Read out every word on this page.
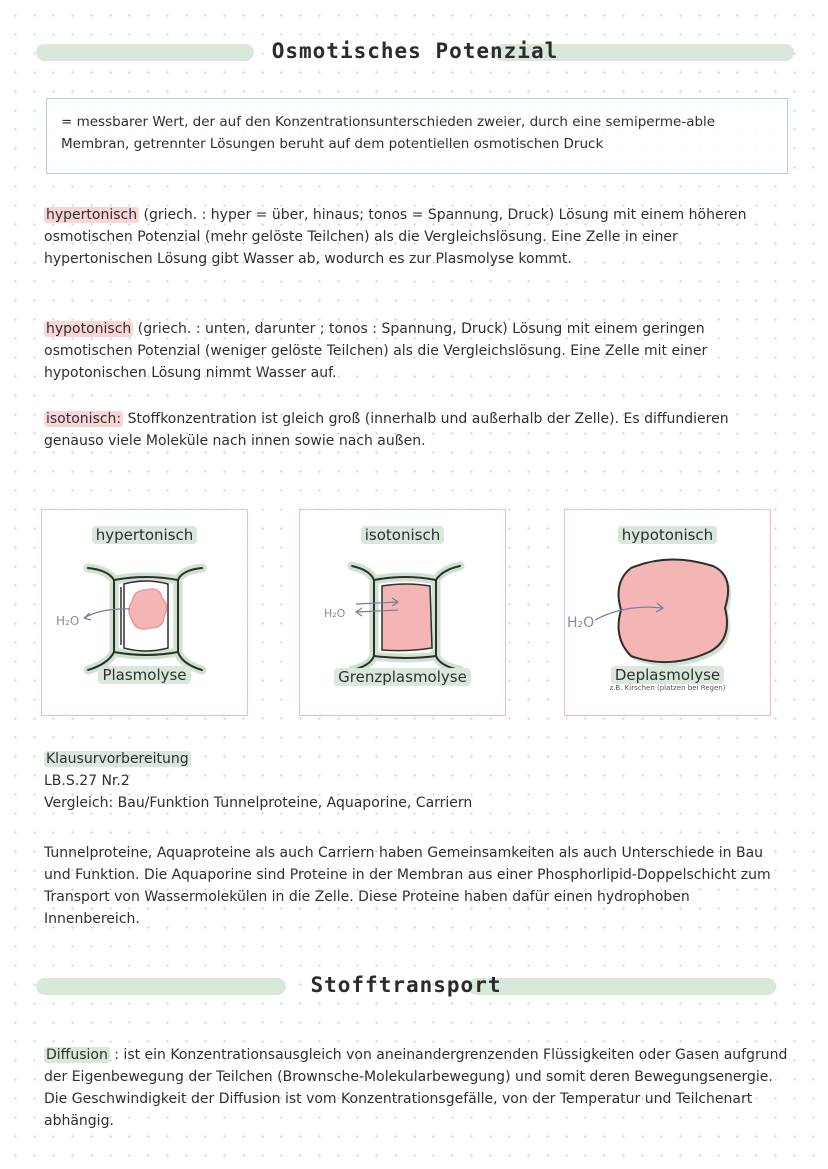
Osmotisches Potenzial
= messbarer Wert, der auf den Konzentrationsunterschieden zweier, durch eine semiperme-able Membran, getrennter Lösungen beruht auf dem potentiellen osmotischen Druck
hypertonisch (griech. : hyper = über, hinaus; tonos = Spannung, Druck) Lösung mit einem höheren osmotischen Potenzial (mehr gelöste Teilchen) als die Vergleichslösung. Eine Zelle in einer hypertonischen Lösung gibt Wasser ab, wodurch es zur Plasmolyse kommt.
hypotonisch (griech. : unten, darunter ; tonos : Spannung, Druck) Lösung mit einem geringen osmotischen Potenzial (weniger gelöste Teilchen) als die Vergleichslösung. Eine Zelle mit einer hypotonischen Lösung nimmt Wasser auf.
isotonisch: Stoffkonzentration ist gleich groß (innerhalb und außerhalb der Zelle). Es diffundieren genauso viele Moleküle nach innen sowie nach außen.
hypertonisch
H₂O
Plasmolyse
isotonisch
H₂O
Grenzplasmolyse
hypotonisch
H₂O
Deplasmolyse
z.B. Kirschen (platzen bei Regen)
Klausurvorbereitung
LB.S.27 Nr.2
Vergleich: Bau/Funktion Tunnelproteine, Aquaporine, Carriern
Tunnelproteine, Aquaproteine als auch Carriern haben Gemeinsamkeiten als auch Unterschiede in Bau und Funktion. Die Aquaporine sind Proteine in der Membran aus einer Phosphorlipid-Doppelschicht zum Transport von Wassermolekülen in die Zelle. Diese Proteine haben dafür einen hydrophoben Innenbereich.
Stofftransport
Diffusion : ist ein Konzentrationsausgleich von aneinandergrenzenden Flüssigkeiten oder Gasen aufgrund der Eigenbewegung der Teilchen (Brownsche-Molekularbewegung) und somit deren Bewegungsenergie. Die Geschwindigkeit der Diffusion ist vom Konzentrationsgefälle, von der Temperatur und Teilchenart abhängig.
